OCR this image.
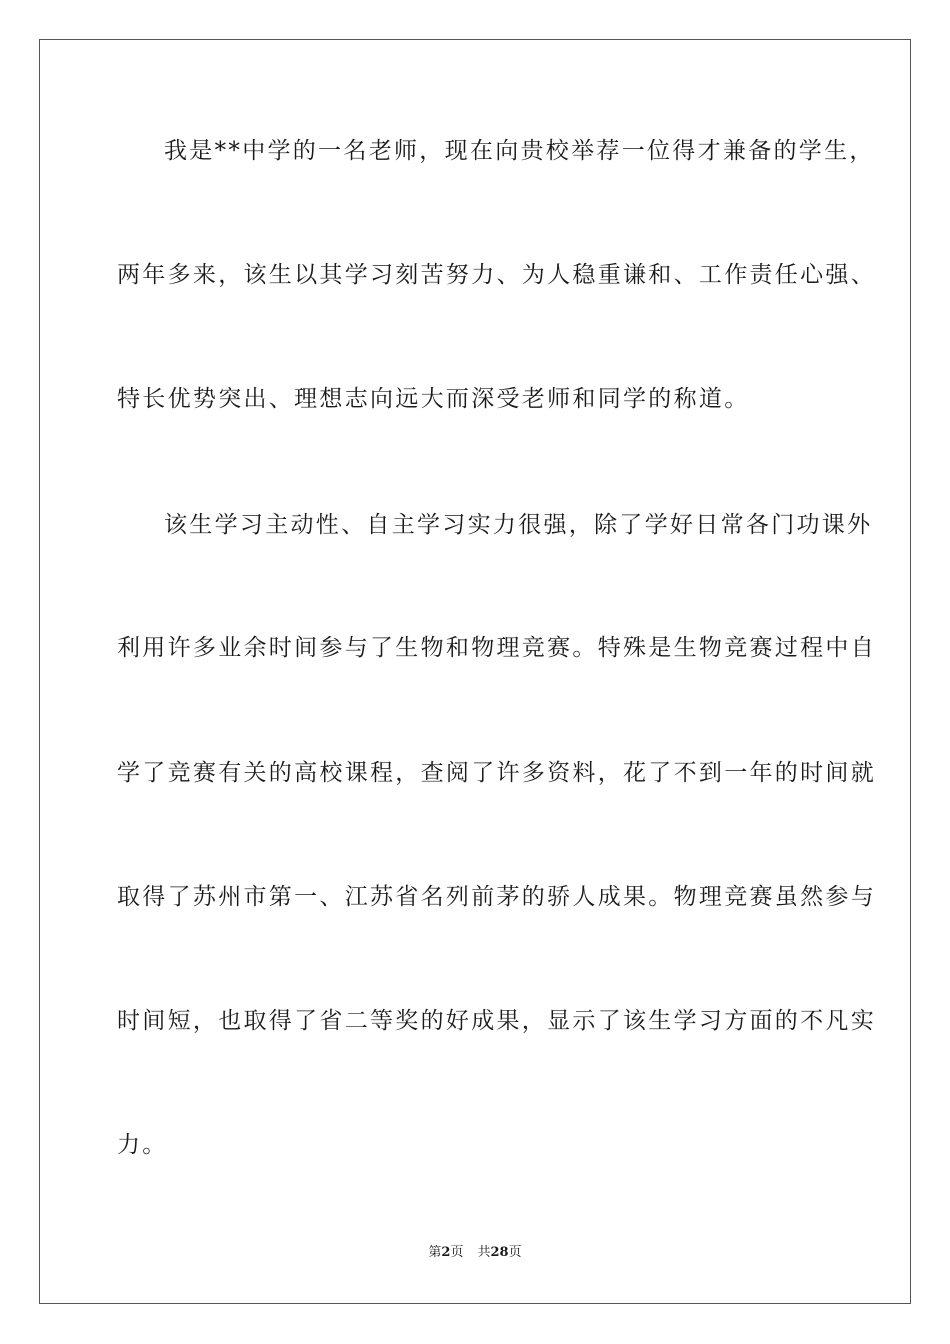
我是**中学的一名老师，现在向贵校举荐一位得才兼备的学生，
两年多来，该生以其学习刻苦努力、为人稳重谦和、工作责任心强、
特长优势突出、理想志向远大而深受老师和同学的称道。
该生学习主动性、自主学习实力很强，除了学好日常各门功课外
利用许多业余时间参与了生物和物理竞赛。特殊是生物竞赛过程中自
学了竞赛有关的高校课程，查阅了许多资料，花了不到一年的时间就
取得了苏州市第一、江苏省名列前茅的骄人成果。物理竞赛虽然参与
时间短，也取得了省二等奖的好成果，显示了该生学习方面的不凡实
力。
第2页 共28页
